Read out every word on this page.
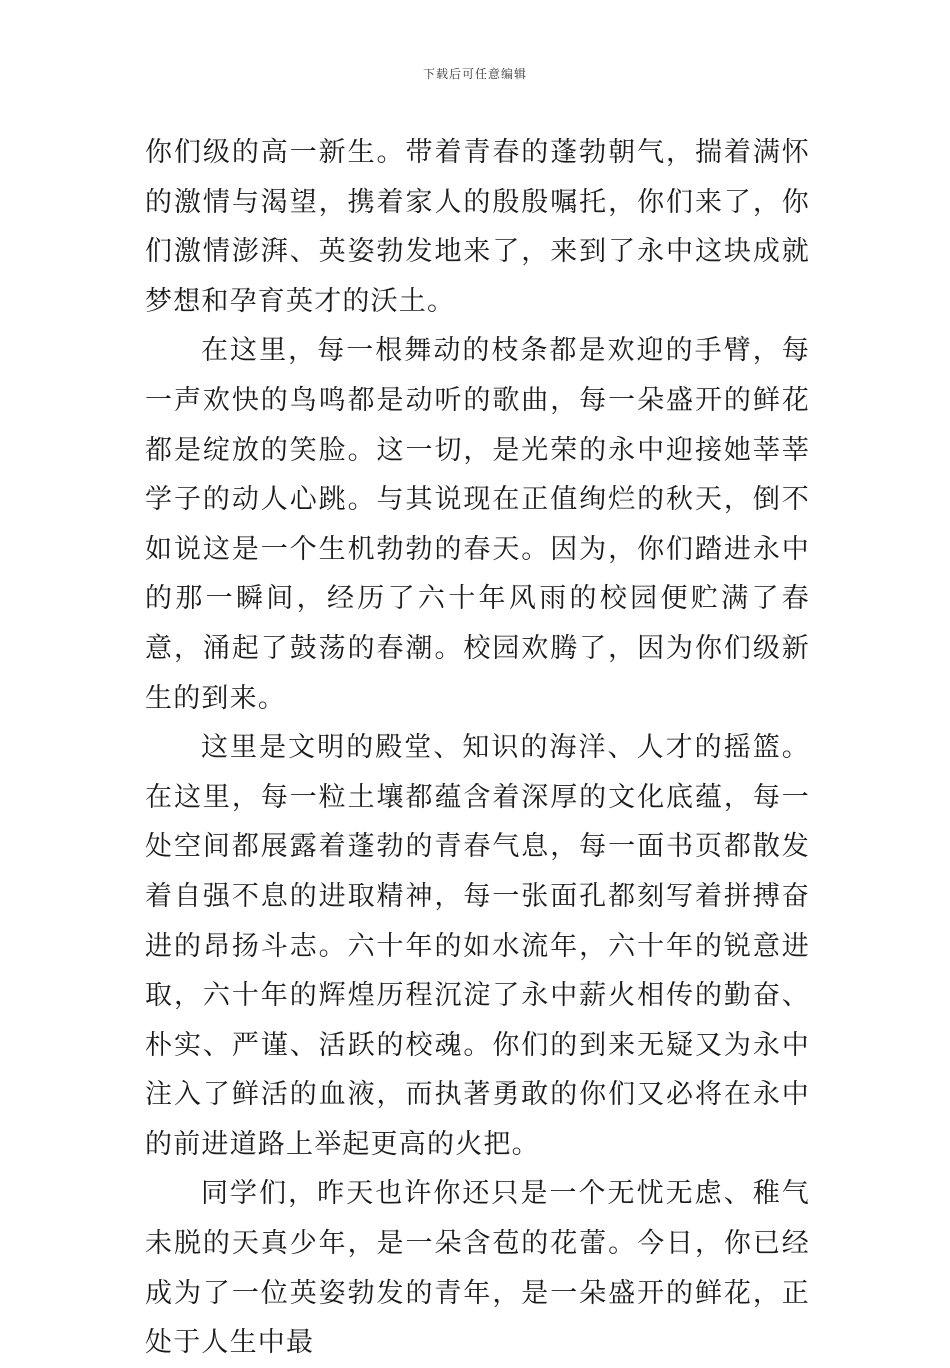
下载后可任意编辑

你们级的高一新生。带着青春的蓬勃朝气，揣着满怀的激情与渴望，携着家人的殷殷嘱托，你们来了，你们激情澎湃、英姿勃发地来了，来到了永中这块成就梦想和孕育英才的沃土。

在这里，每一根舞动的枝条都是欢迎的手臂，每一声欢快的鸟鸣都是动听的歌曲，每一朵盛开的鲜花都是绽放的笑脸。这一切，是光荣的永中迎接她莘莘学子的动人心跳。与其说现在正值绚烂的秋天，倒不如说这是一个生机勃勃的春天。因为，你们踏进永中的那一瞬间，经历了六十年风雨的校园便贮满了春意，涌起了鼓荡的春潮。校园欢腾了，因为你们级新生的到来。

这里是文明的殿堂、知识的海洋、人才的摇篮。在这里，每一粒土壤都蕴含着深厚的文化底蕴，每一处空间都展露着蓬勃的青春气息，每一面书页都散发着自强不息的进取精神，每一张面孔都刻写着拼搏奋进的昂扬斗志。六十年的如水流年，六十年的锐意进取，六十年的辉煌历程沉淀了永中薪火相传的勤奋、朴实、严谨、活跃的校魂。你们的到来无疑又为永中注入了鲜活的血液，而执著勇敢的你们又必将在永中的前进道路上举起更高的火把。

同学们，昨天也许你还只是一个无忧无虑、稚气未脱的天真少年，是一朵含苞的花蕾。今日，你已经成为了一位英姿勃发的青年，是一朵盛开的鲜花，正处于人生中最
